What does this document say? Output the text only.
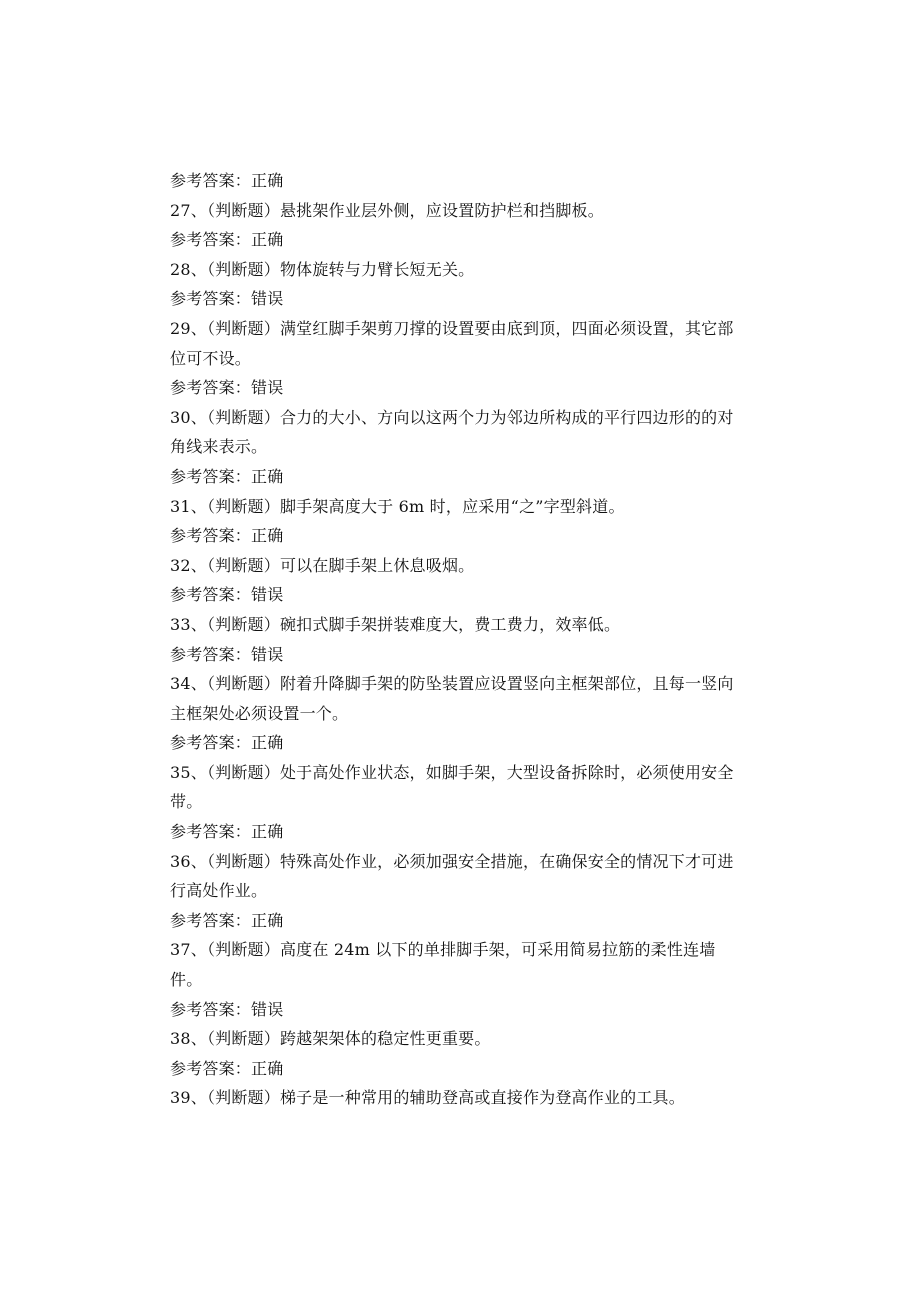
参考答案：正确
27、（判断题）悬挑架作业层外侧，应设置防护栏和挡脚板。
参考答案：正确
28、（判断题）物体旋转与力臂长短无关。
参考答案：错误
29、（判断题）满堂红脚手架剪刀撑的设置要由底到顶，四面必须设置，其它部位可不设。
参考答案：错误
30、（判断题）合力的大小、方向以这两个力为邻边所构成的平行四边形的的对角线来表示。
参考答案：正确
31、（判断题）脚手架高度大于 6m 时，应采用“之”字型斜道。
参考答案：正确
32、（判断题）可以在脚手架上休息吸烟。
参考答案：错误
33、（判断题）碗扣式脚手架拼装难度大，费工费力，效率低。
参考答案：错误
34、（判断题）附着升降脚手架的防坠装置应设置竖向主框架部位，且每一竖向主框架处必须设置一个。
参考答案：正确
35、（判断题）处于高处作业状态，如脚手架，大型设备拆除时，必须使用安全带。
参考答案：正确
36、（判断题）特殊高处作业，必须加强安全措施，在确保安全的情况下才可进行高处作业。
参考答案：正确
37、（判断题）高度在 24m 以下的单排脚手架，可采用简易拉筋的柔性连墙件。
参考答案：错误
38、（判断题）跨越架架体的稳定性更重要。
参考答案：正确
39、（判断题）梯子是一种常用的辅助登高或直接作为登高作业的工具。
